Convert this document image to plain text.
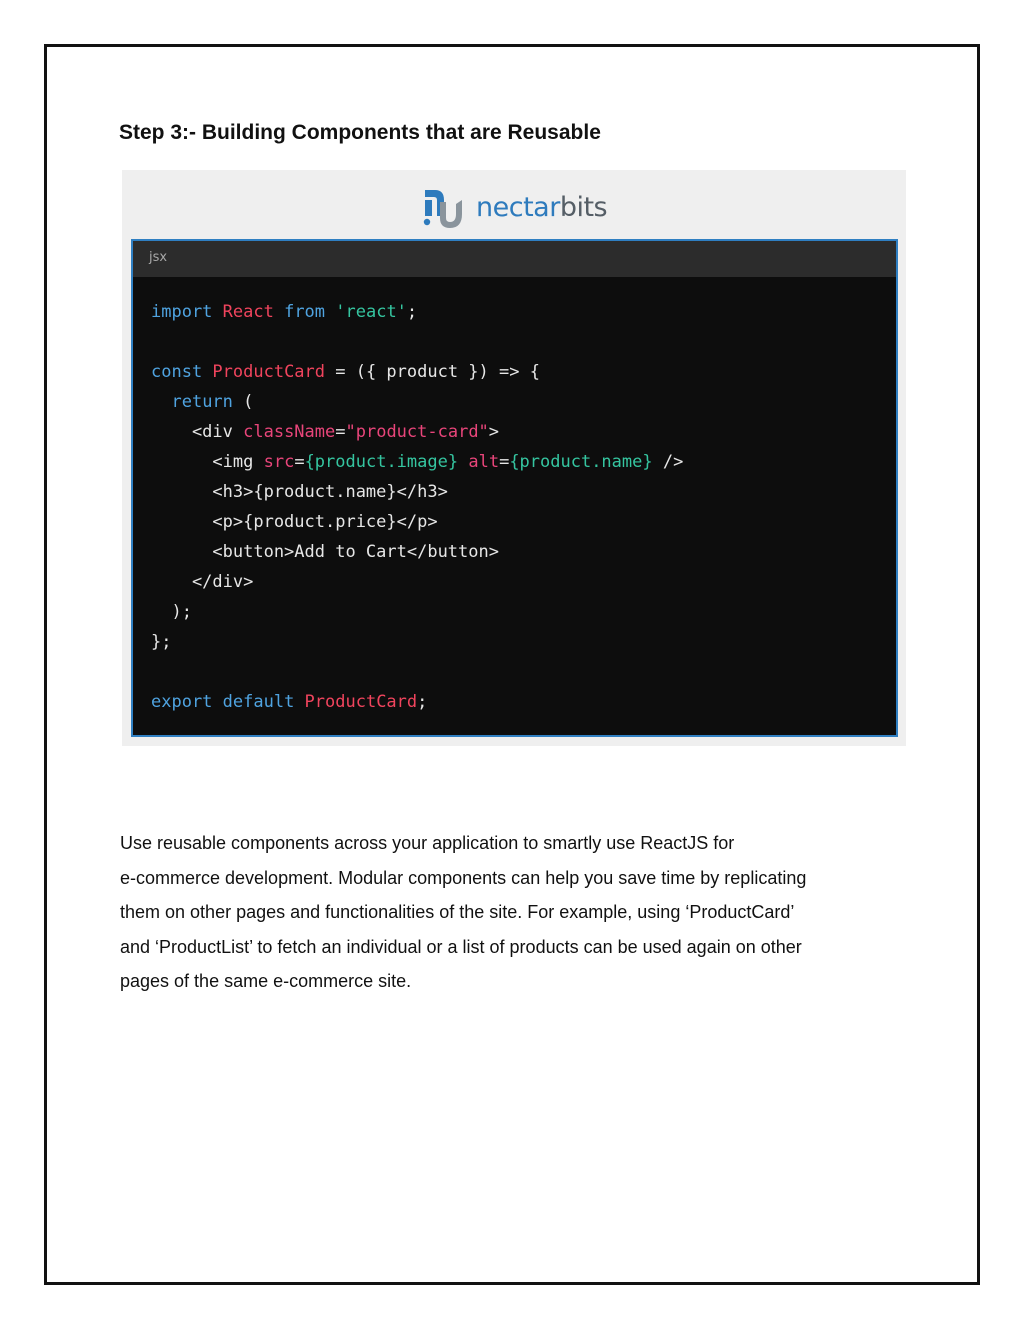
Step 3:- Building Components that are Reusable
nectarbits
jsx
import React from 'react';

const ProductCard = ({ product }) => {
return (
<div className="product-card">
<img src={product.image} alt={product.name} />
<h3>{product.name}</h3>
<p>{product.price}</p>
<button>Add to Cart</button>
</div>
);
};

export default ProductCard;

Use reusable components across your application to smartly use ReactJS for
e-commerce development. Modular components can help you save time by replicating
them on other pages and functionalities of the site. For example, using ‘ProductCard’
and ‘ProductList’ to fetch an individual or a list of products can be used again on other
pages of the same e-commerce site.
